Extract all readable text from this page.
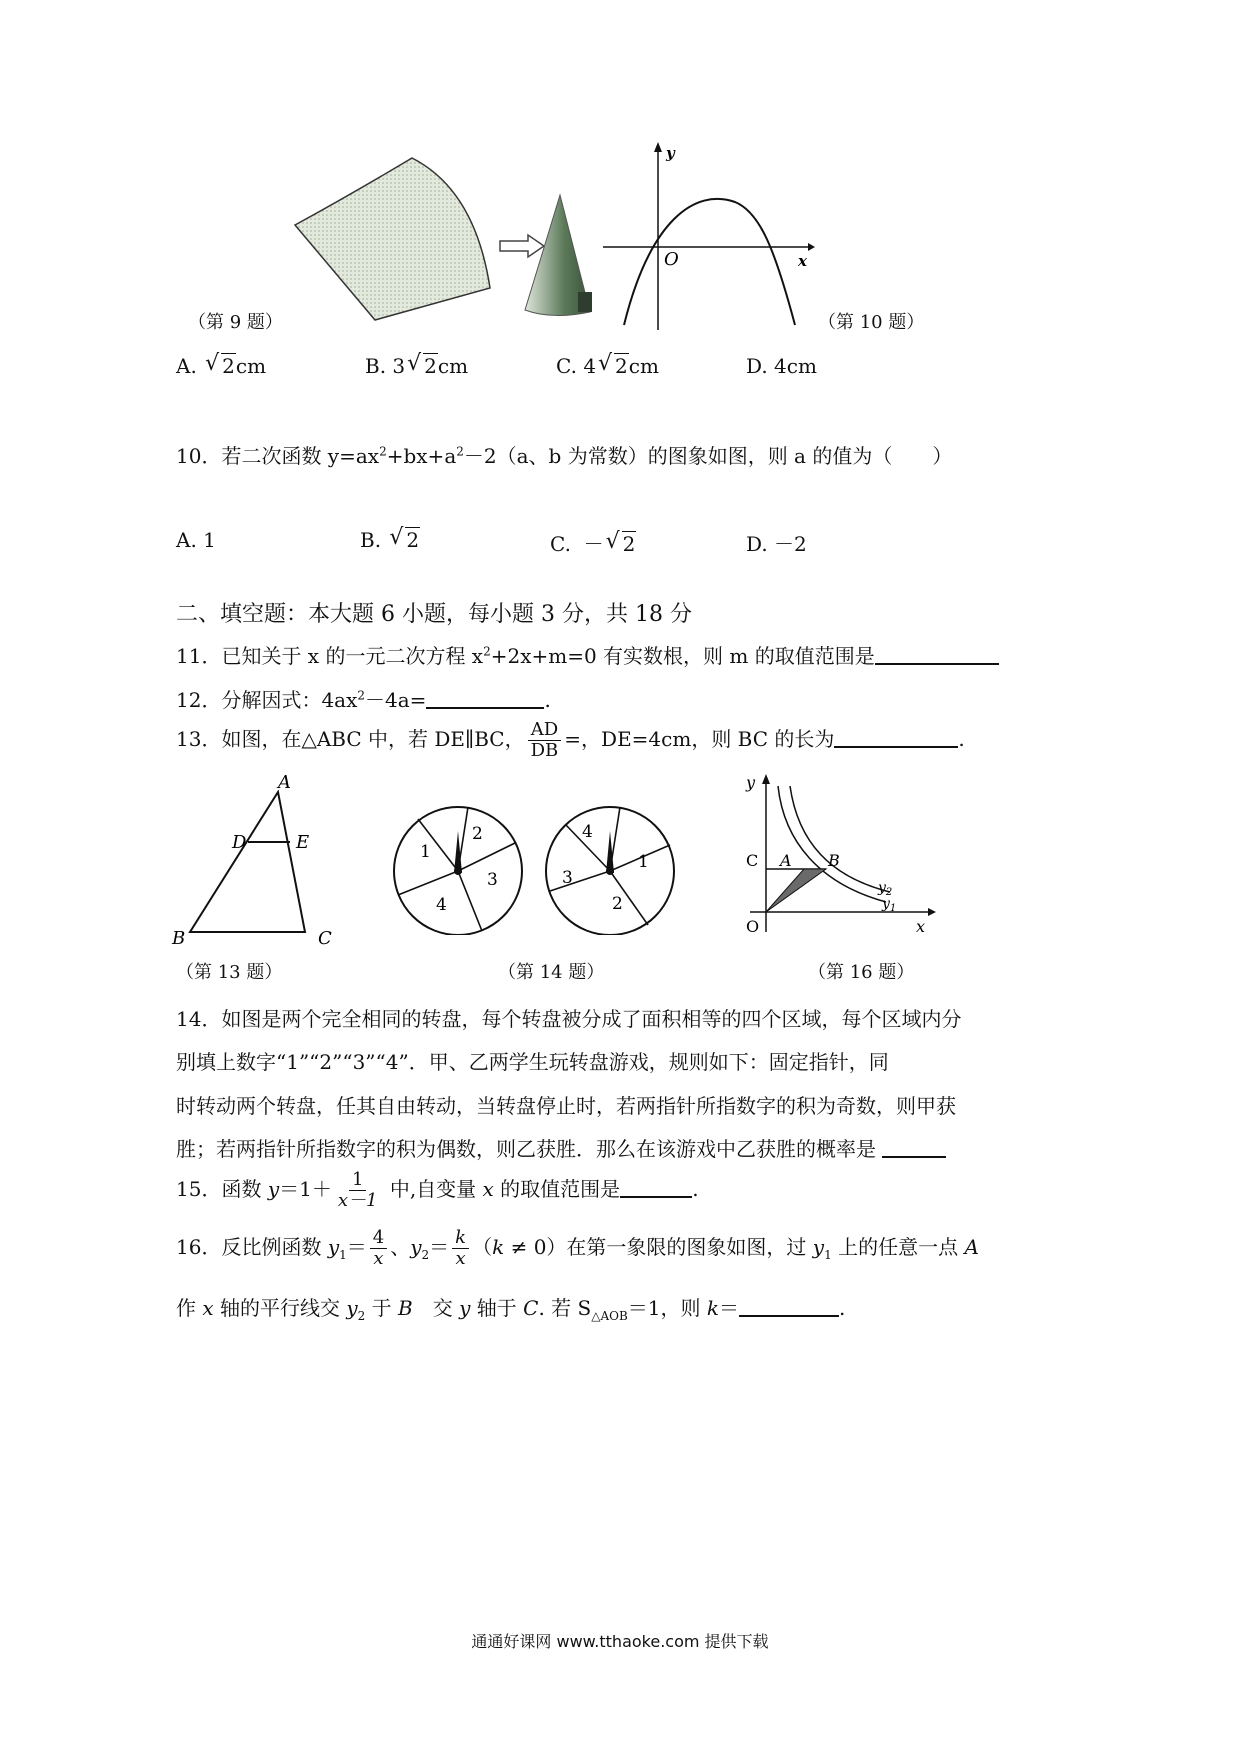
（第 9 题）
y
x
O
（第 10 题）
A. √ 2cm	B. 3 √ 2cm	C. 4 √ 2cm	D. 4cm
10．若二次函数 $y=ax^2+bx+a^2-2(a$、b 为常数）的图象如图，则 a 的值为（　　）
A. 1	B. √ 2	C. － √ 2	D. －2
二、填空题：本大题 6 小题，每小题 3 分，共 18 分
11．已知关于 x 的一元二次方程 $x^2+2x+m=0$ 有实数根，则 m 的取值范围是
12．分解因式：$4ax^2-4a=$	.
13．如图，在△ABC 中，若 DE∥BC， $\frac{AD}{DB}$ =，DE=4cm，则 BC 的长为	.
A
D	E
B	C
（第 13 题）
1
2
3
4
4
1
2
3
（第 14 题）
y
x
O
C A B
$y_2$
$y_1$
（第 16 题）
14．如图是两个完全相同的转盘，每个转盘被分成了面积相等的四个区域，每个区域内分
别填上数字“1”“2”“3”“4”．甲、乙两学生玩转盘游戏，规则如下：固定指针，同
时转动两个转盘，任其自由转动，当转盘停止时，若两指针所指数字的积为奇数，则甲获
胜；若两指针所指数字的积为偶数，则乙获胜．那么在该游戏中乙获胜的概率是
15．函数 $y=1+ \frac{1}{x-1}$ 中,自变量 x 的取值范围是	.
16．反比例函数 $y_1= \frac{4}{x}$ 、$y_2= \frac{k}{x} (k \ne 0)$在第一象限的图象如图，过 $y_1$ 上的任意一点 A
作 x 轴的平行线交 $y_2$ 于 B　交 y 轴于 C. 若 $S_{\triangle AOB}=1$，则 k＝	.
通通好课网 www.tthaoke.com 提供下载
